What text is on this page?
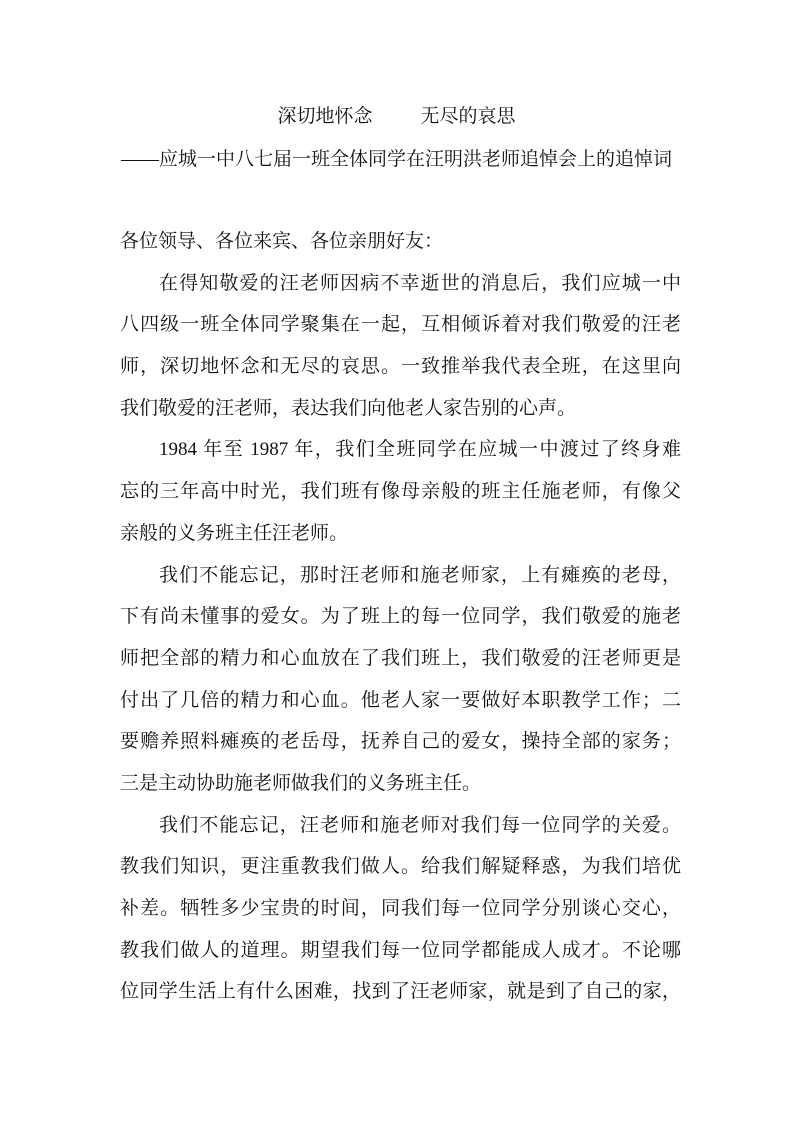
深切地怀念	无尽的哀思
——应城一中八七届一班全体同学在汪明洪老师追悼会上的追悼词
各位领导、各位来宾、各位亲朋好友：
在得知敬爱的汪老师因病不幸逝世的消息后，我们应城一中
八四级一班全体同学聚集在一起，互相倾诉着对我们敬爱的汪老
师，深切地怀念和无尽的哀思。一致推举我代表全班，在这里向
我们敬爱的汪老师，表达我们向他老人家告别的心声。
1984 年至 1987 年，我们全班同学在应城一中渡过了终身难
忘的三年高中时光，我们班有像母亲般的班主任施老师，有像父
亲般的义务班主任汪老师。
我们不能忘记，那时汪老师和施老师家，上有瘫痪的老母，
下有尚未懂事的爱女。为了班上的每一位同学，我们敬爱的施老
师把全部的精力和心血放在了我们班上，我们敬爱的汪老师更是
付出了几倍的精力和心血。他老人家一要做好本职教学工作；二
要赡养照料瘫痪的老岳母，抚养自己的爱女，操持全部的家务；
三是主动协助施老师做我们的义务班主任。
我们不能忘记，汪老师和施老师对我们每一位同学的关爱。
教我们知识，更注重教我们做人。给我们解疑释惑，为我们培优
补差。牺牲多少宝贵的时间，同我们每一位同学分别谈心交心，
教我们做人的道理。期望我们每一位同学都能成人成才。不论哪
位同学生活上有什么困难，找到了汪老师家，就是到了自己的家，
